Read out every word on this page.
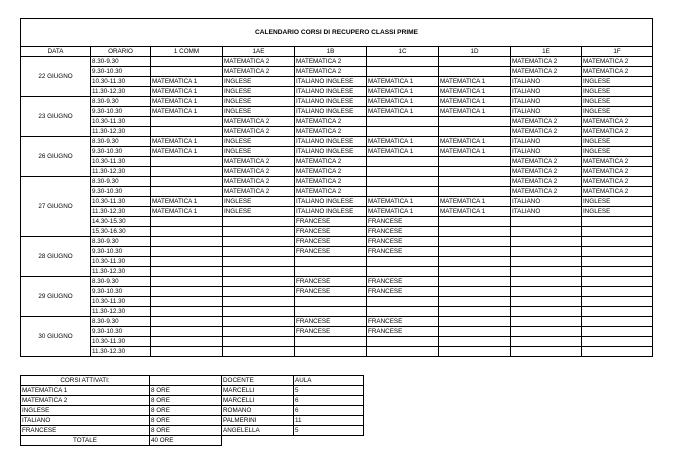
CALENDARIO CORSI DI RECUPERO CLASSI PRIME								
DATA	ORARIO	1 COMM	1AE	1B	1C	1D	1E	1F
22 GIUGNO	8.30-9.30		MATEMATICA 2	MATEMATICA 2			MATEMATICA 2	MATEMATICA 2
	9.30-10.30		MATEMATICA 2	MATEMATICA 2			MATEMATICA 2	MATEMATICA 2
	10.30-11.30	MATEMATICA 1	INGLESE	ITALIANO INGLESE	MATEMATICA 1	MATEMATICA 1	ITALIANO	INGLESE
	11.30-12.30	MATEMATICA 1	INGLESE	ITALIANO INGLESE	MATEMATICA 1	MATEMATICA 1	ITALIANO	INGLESE
23 GIUGNO	8.30-9.30	MATEMATICA 1	INGLESE	ITALIANO INGLESE	MATEMATICA 1	MATEMATICA 1	ITALIANO	INGLESE
	9.30-10.30	MATEMATICA 1	INGLESE	ITALIANO INGLESE	MATEMATICA 1	MATEMATICA 1	ITALIANO	INGLESE
	10.30-11.30		MATEMATICA 2	MATEMATICA 2			MATEMATICA 2	MATEMATICA 2
	11.30-12.30		MATEMATICA 2	MATEMATICA 2			MATEMATICA 2	MATEMATICA 2
26 GIUGNO	8.30-9.30	MATEMATICA 1	INGLESE	ITALIANO INGLESE	MATEMATICA 1	MATEMATICA 1	ITALIANO	INGLESE
	9.30-10.30	MATEMATICA 1	INGLESE	ITALIANO INGLESE	MATEMATICA 1	MATEMATICA 1	ITALIANO	INGLESE
	10.30-11.30		MATEMATICA 2	MATEMATICA 2			MATEMATICA 2	MATEMATICA 2
	11.30-12.30		MATEMATICA 2	MATEMATICA 2			MATEMATICA 2	MATEMATICA 2
27 GIUGNO	8.30-9.30		MATEMATICA 2	MATEMATICA 2			MATEMATICA 2	MATEMATICA 2
	9.30-10.30		MATEMATICA 2	MATEMATICA 2			MATEMATICA 2	MATEMATICA 2
	10.30-11.30	MATEMATICA 1	INGLESE	ITALIANO INGLESE	MATEMATICA 1	MATEMATICA 1	ITALIANO	INGLESE
	11.30-12.30	MATEMATICA 1	INGLESE	ITALIANO INGLESE	MATEMATICA 1	MATEMATICA 1	ITALIANO	INGLESE
	14.30-15.30			FRANCESE	FRANCESE			
	15.30-16.30			FRANCESE	FRANCESE			
28 GIUGNO	8.30-9.30			FRANCESE	FRANCESE			
	9.30-10.30			FRANCESE	FRANCESE			
	10.30-11.30							
	11.30-12.30							
29 GIUGNO	8.30-9.30			FRANCESE	FRANCESE			
	9.30-10.30			FRANCESE	FRANCESE			
	10.30-11.30							
	11.30-12.30							
30 GIUGNO	8.30-9.30			FRANCESE	FRANCESE			
	9.30-10.30			FRANCESE	FRANCESE			
	10.30-11.30							
	11.30-12.30							
CORSI ATTIVATI:		DOCENTE	AULA
MATEMATICA 1	8 ORE	MARCELLI	5
MATEMATICA 2	8 ORE	MARCELLI	6
INGLESE	8 ORE	ROMANO	6
ITALIANO	8 ORE	PALMERINI	11
FRANCESE	8 ORE	ANGELELLA	5
TOTALE	40 ORE		
